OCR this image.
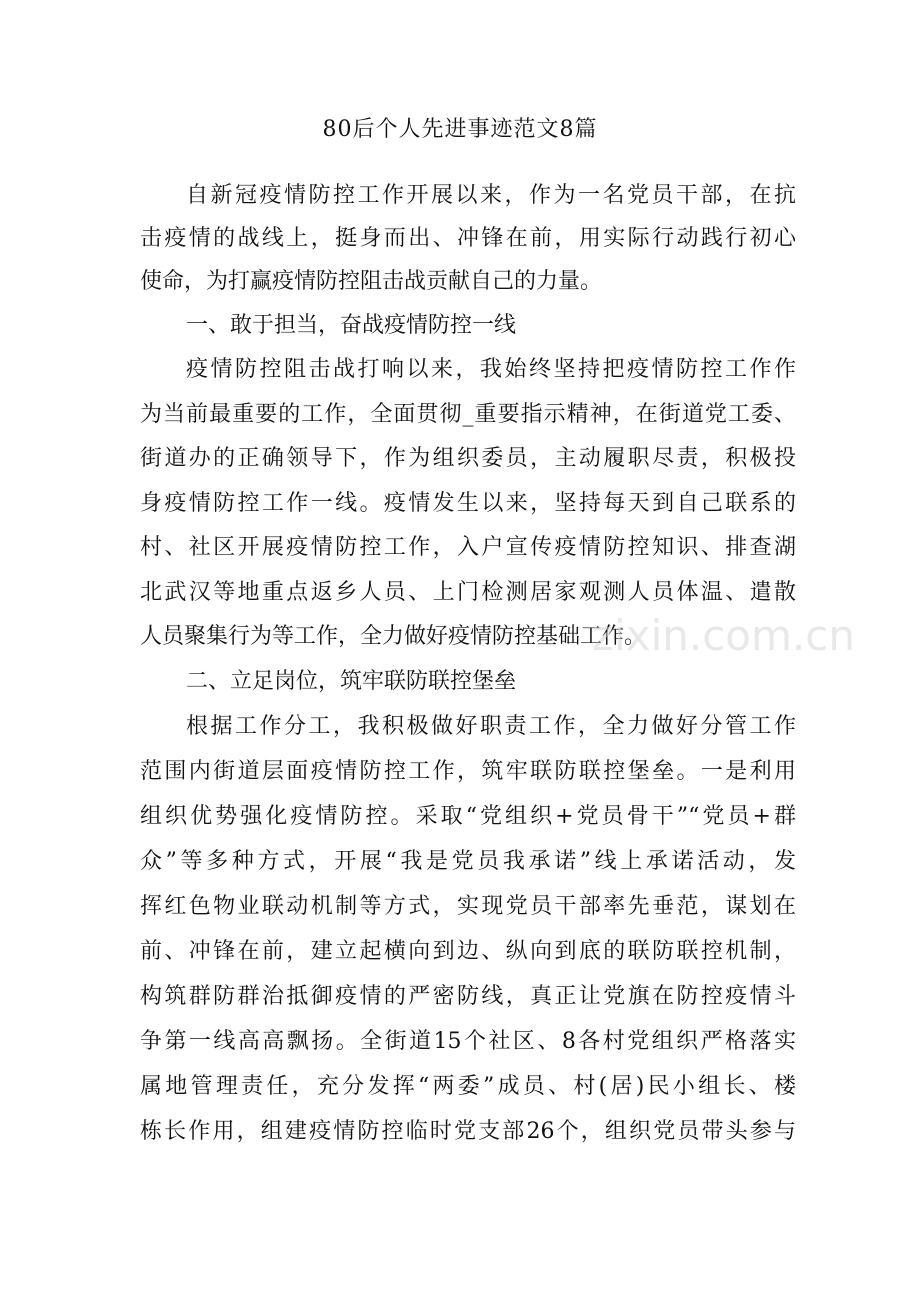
80后个人先进事迹范文8篇
自新冠疫情防控工作开展以来，作为一名党员干部，在抗
击疫情的战线上，挺身而出、冲锋在前，用实际行动践行初心
使命，为打赢疫情防控阻击战贡献自己的力量。
一、敢于担当，奋战疫情防控一线
疫情防控阻击战打响以来，我始终坚持把疫情防控工作作
为当前最重要的工作，全面贯彻_重要指示精神，在街道党工委、
街道办的正确领导下，作为组织委员，主动履职尽责，积极投
身疫情防控工作一线。疫情发生以来，坚持每天到自己联系的
村、社区开展疫情防控工作，入户宣传疫情防控知识、排查湖
北武汉等地重点返乡人员、上门检测居家观测人员体温、遣散
人员聚集行为等工作，全力做好疫情防控基础工作。
二、立足岗位，筑牢联防联控堡垒
根据工作分工，我积极做好职责工作，全力做好分管工作
范围内街道层面疫情防控工作，筑牢联防联控堡垒。一是利用
组织优势强化疫情防控。采取“党组织+党员骨干”“党员+群
众”等多种方式，开展“我是党员我承诺”线上承诺活动，发
挥红色物业联动机制等方式，实现党员干部率先垂范，谋划在
前、冲锋在前，建立起横向到边、纵向到底的联防联控机制，
构筑群防群治抵御疫情的严密防线，真正让党旗在防控疫情斗
争第一线高高飘扬。全街道15个社区、8各村党组织严格落实
属地管理责任，充分发挥“两委”成员、村(居)民小组长、楼
栋长作用，组建疫情防控临时党支部26个，组织党员带头参与
zixin.com.cn
